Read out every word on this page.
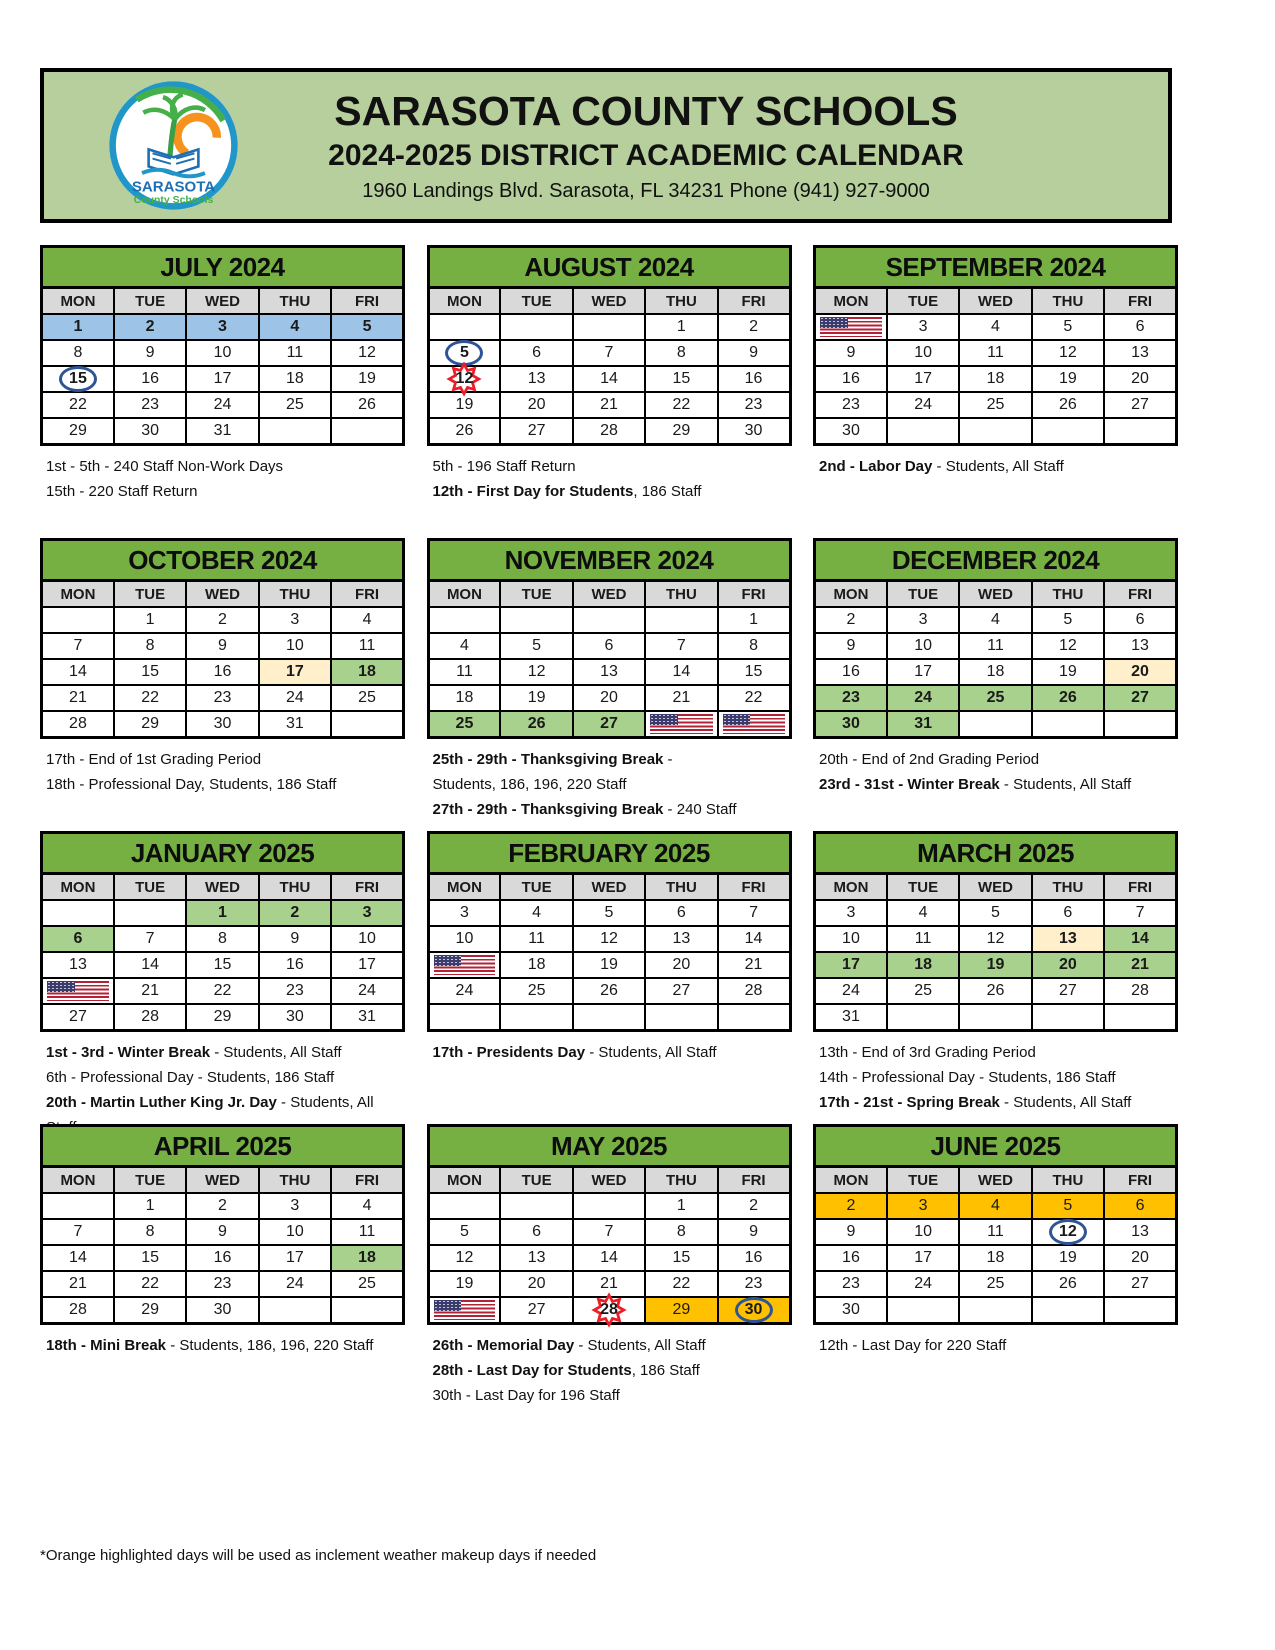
SARASOTA
County Schools
SARASOTA COUNTY SCHOOLS
2024-2025 DISTRICT ACADEMIC CALENDAR
1960 Landings Blvd. Sarasota, FL 34231 Phone (941) 927-9000
JULY 2024				
MON	TUE	WED	THU	FRI
1	2	3	4	5
8	9	10	11	12

15	16	17	18	19
22	23	24	25	26
29	30	31		
1st - 5th - 240 Staff Non-Work Days
15th - 220 Staff Return
AUGUST 2024				
MON	TUE	WED	THU	FRI
			1	2

5	6	7	8	9

12	13	14	15	16
19	20	21	22	23
26	27	28	29	30
5th - 196 Staff Return
12th - First Day for Students, 186 Staff
SEPTEMBER 2024				
MON	TUE	WED	THU	FRI

	3	4	5	6
9	10	11	12	13
16	17	18	19	20
23	24	25	26	27
30				
2nd - Labor Day - Students, All Staff
OCTOBER 2024				
MON	TUE	WED	THU	FRI
	1	2	3	4
7	8	9	10	11
14	15	16	17	18
21	22	23	24	25
28	29	30	31	
17th - End of 1st Grading Period
18th - Professional Day, Students, 186 Staff
NOVEMBER 2024				
MON	TUE	WED	THU	FRI
				1
4	5	6	7	8
11	12	13	14	15
18	19	20	21	22
25	26	27	

25th - 29th - Thanksgiving Break -
Students, 186, 196, 220 Staff
27th - 29th - Thanksgiving Break - 240 Staff
DECEMBER 2024				
MON	TUE	WED	THU	FRI
2	3	4	5	6
9	10	11	12	13
16	17	18	19	20
23	24	25	26	27
30	31			
20th - End of 2nd Grading Period
23rd - 31st - Winter Break - Students, All Staff
JANUARY 2025				
MON	TUE	WED	THU	FRI
		1	2	3
6	7	8	9	10
13	14	15	16	17

	21	22	23	24
27	28	29	30	31
1st - 3rd - Winter Break - Students, All Staff
6th - Professional Day - Students, 186 Staff
20th - Martin Luther King Jr. Day - Students, All
FEBRUARY 2025				
MON	TUE	WED	THU	FRI
3	4	5	6	7
10	11	12	13	14

	18	19	20	21
24	25	26	27	28

17th - Presidents Day - Students, All Staff
MARCH 2025				
MON	TUE	WED	THU	FRI
3	4	5	6	7
10	11	12	13	14
17	18	19	20	21
24	25	26	27	28
31				
13th - End of 3rd Grading Period
14th - Professional Day - Students, 186 Staff
17th - 21st - Spring Break - Students, All Staff
APRIL 2025				
MON	TUE	WED	THU	FRI
	1	2	3	4
7	8	9	10	11
14	15	16	17	18
21	22	23	24	25
28	29	30		
18th - Mini Break - Students, 186, 196, 220 Staff
MAY 2025				
MON	TUE	WED	THU	FRI
			1	2
5	6	7	8	9
12	13	14	15	16
19	20	21	22	23

	27	28	29	30
26th - Memorial Day - Students, All Staff
28th - Last Day for Students, 186 Staff
30th - Last Day for 196 Staff
JUNE 2025				
MON	TUE	WED	THU	FRI
2	3	4	5	6
9	10	11	12	13
16	17	18	19	20
23	24	25	26	27
30				
12th - Last Day for 220 Staff
*Orange highlighted days will be used as inclement weather makeup days if needed
